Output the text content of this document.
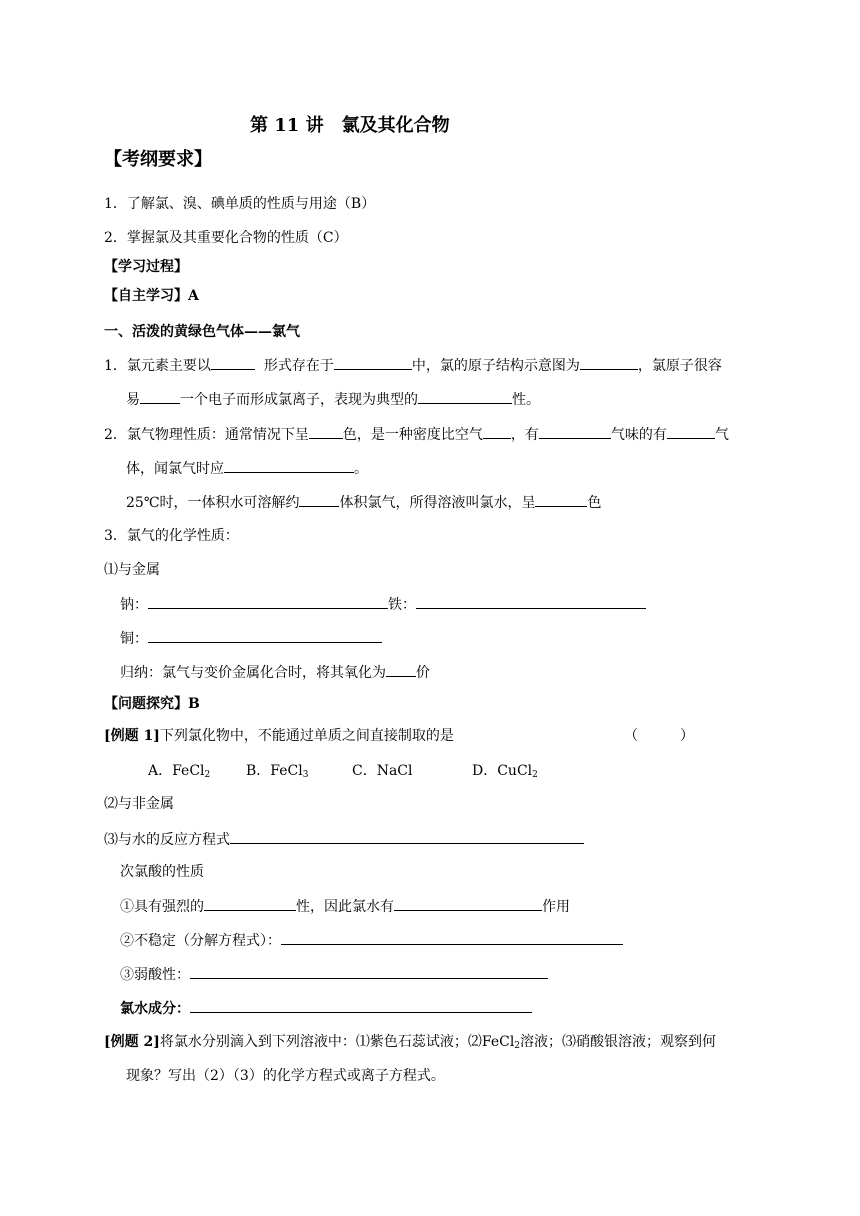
第 11 讲　氯及其化合物
【考纲要求】
1．了解氯、溴、碘单质的性质与用途（B）
2．掌握氯及其重要化合物的性质（C）
【学习过程】
【自主学习】A
一、活泼的黄绿色气体——氯气
1．氯元素主要以	形式存在于	中，氯的原子结构示意图为	，氯原子很容
易	一个电子而形成氯离子，表现为典型的	性。
2．氯气物理性质：通常情况下呈 色，是一种密度比空气 ，有	气味的有	气
体，闻氯气时应	。
25℃时，一体积水可溶解约	体积氯气，所得溶液叫氯水，呈	色
3．氯气的化学性质：
⑴与金属
钠：	铁：
铜：
归纳：氯气与变价金属化合时，将其氧化为 价
【问题探究】B
[例题 1]下列氯化物中，不能通过单质之间直接制取的是	（　　　）
A．FeCl$_2$	B．FeCl$_3$	C．NaCl	D．CuCl$_2$
⑵与非金属
⑶与水的反应方程式
次氯酸的性质
①具有强烈的	性，因此氯水有	作用
②不稳定（分解方程式）：
③弱酸性：
氯水成分：
[例题 2]将氯水分别滴入到下列溶液中：⑴紫色石蕊试液；⑵FeCl$_2$溶液；⑶硝酸银溶液；观察到何
现象？写出（2）（3）的化学方程式或离子方程式。
